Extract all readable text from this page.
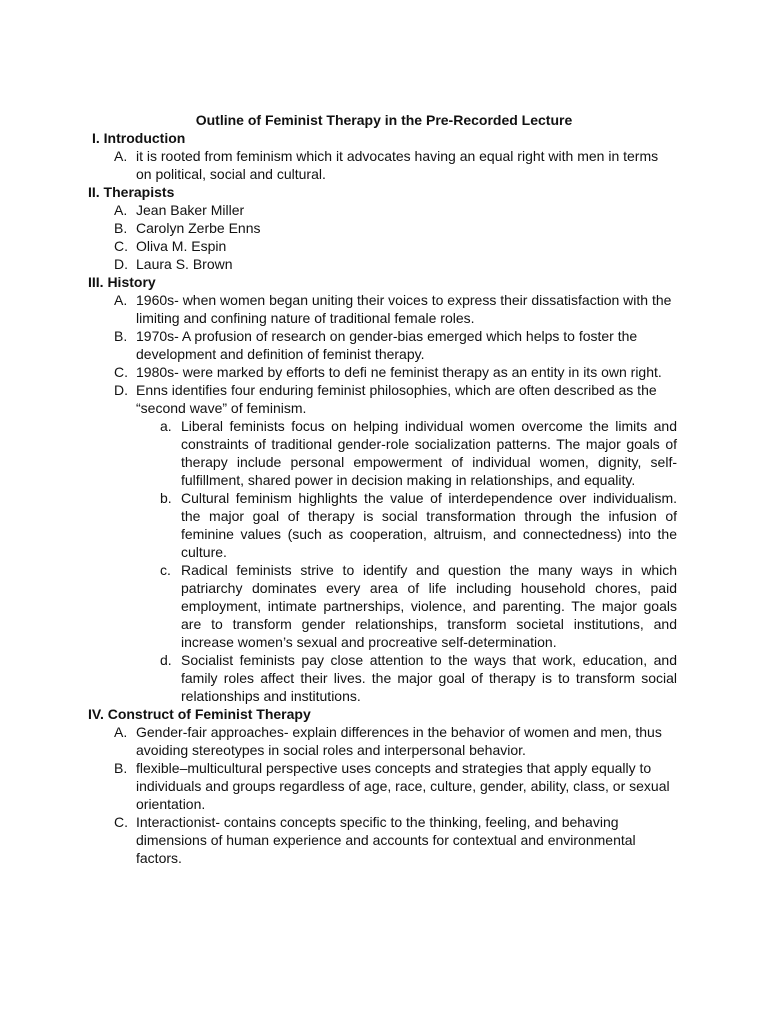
Outline of Feminist Therapy in the Pre-Recorded Lecture
I. Introduction
A. it is rooted from feminism which it advocates having an equal right with men in terms on political, social and cultural.
II. Therapists
A. Jean Baker Miller
B. Carolyn Zerbe Enns
C. Oliva M. Espin
D. Laura S. Brown
III. History
A. 1960s- when women began uniting their voices to express their dissatisfaction with the limiting and confining nature of traditional female roles.
B. 1970s- A profusion of research on gender-bias emerged which helps to foster the development and definition of feminist therapy.
C. 1980s- were marked by efforts to defi ne feminist therapy as an entity in its own right.
D. Enns identifies four enduring feminist philosophies, which are often described as the “second wave” of feminism.
a. Liberal feminists focus on helping individual women overcome the limits and constraints of traditional gender-role socialization patterns. The major goals of therapy include personal empowerment of individual women, dignity, self-fulfillment, shared power in decision making in relationships, and equality.
b. Cultural feminism highlights the value of interdependence over individualism. the major goal of therapy is social transformation through the infusion of feminine values (such as cooperation, altruism, and connectedness) into the culture.
c. Radical feminists strive to identify and question the many ways in which patriarchy dominates every area of life including household chores, paid employment, intimate partnerships, violence, and parenting. The major goals are to transform gender relationships, transform societal institutions, and increase women’s sexual and procreative self-determination.
d. Socialist feminists pay close attention to the ways that work, education, and family roles affect their lives. the major goal of therapy is to transform social relationships and institutions.
IV. Construct of Feminist Therapy
A. Gender-fair approaches- explain differences in the behavior of women and men, thus avoiding stereotypes in social roles and interpersonal behavior.
B. flexible–multicultural perspective uses concepts and strategies that apply equally to individuals and groups regardless of age, race, culture, gender, ability, class, or sexual orientation.
C. Interactionist- contains concepts specific to the thinking, feeling, and behaving dimensions of human experience and accounts for contextual and environmental factors.
